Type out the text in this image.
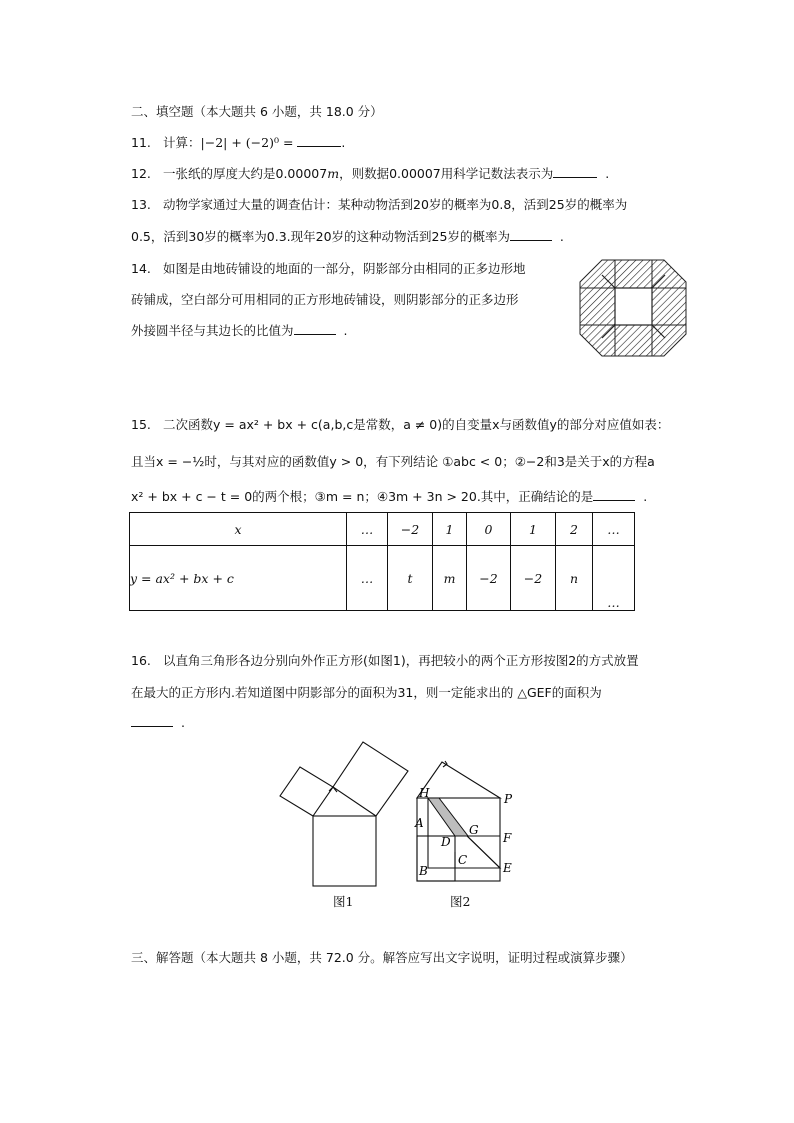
二、填空题（本大题共 6 小题，共 18.0 分）
11. 计算：|−2| + (−2)⁰ =	.
12. 一张纸的厚度大约是0.00007m，则数据0.00007用科学记数法表示为	.
13. 动物学家通过大量的调查估计：某种动物活到20岁的概率为0.8，活到25岁的概率为
0.5，活到30岁的概率为0.3.现年20岁的这种动物活到25岁的概率为	.
14. 如图是由地砖铺设的地面的一部分，阴影部分由相同的正多边形地
砖铺成，空白部分可用相同的正方形地砖铺设，则阴影部分的正多边形
外接圆半径与其边长的比值为	.
15. 二次函数y = ax² + bx + c(a,b,c是常数，a ≠ 0)的自变量x与函数值y的部分对应值如表：
且当x = −½时，与其对应的函数值y > 0，有下列结论 ①abc < 0；②−2和3是关于x的方程a
x² + bx + c − t = 0的两个根；③m = n；④3m + 3n > 20.其中，正确结论的是	.
x	…	−2	1	0	1	2	…
y = ax² + bx + c	…	t	m	−2	−2	n	…
16. 以直角三角形各边分别向外作正方形(如图1)，再把较小的两个正方形按图2的方式放置
在最大的正方形内.若知道图中阴影部分的面积为31，则一定能求出的 △GEF的面积为
.
图1
H	P
A	G
F
D
C
B	E
图2
三、解答题（本大题共 8 小题，共 72.0 分。解答应写出文字说明，证明过程或演算步骤）
